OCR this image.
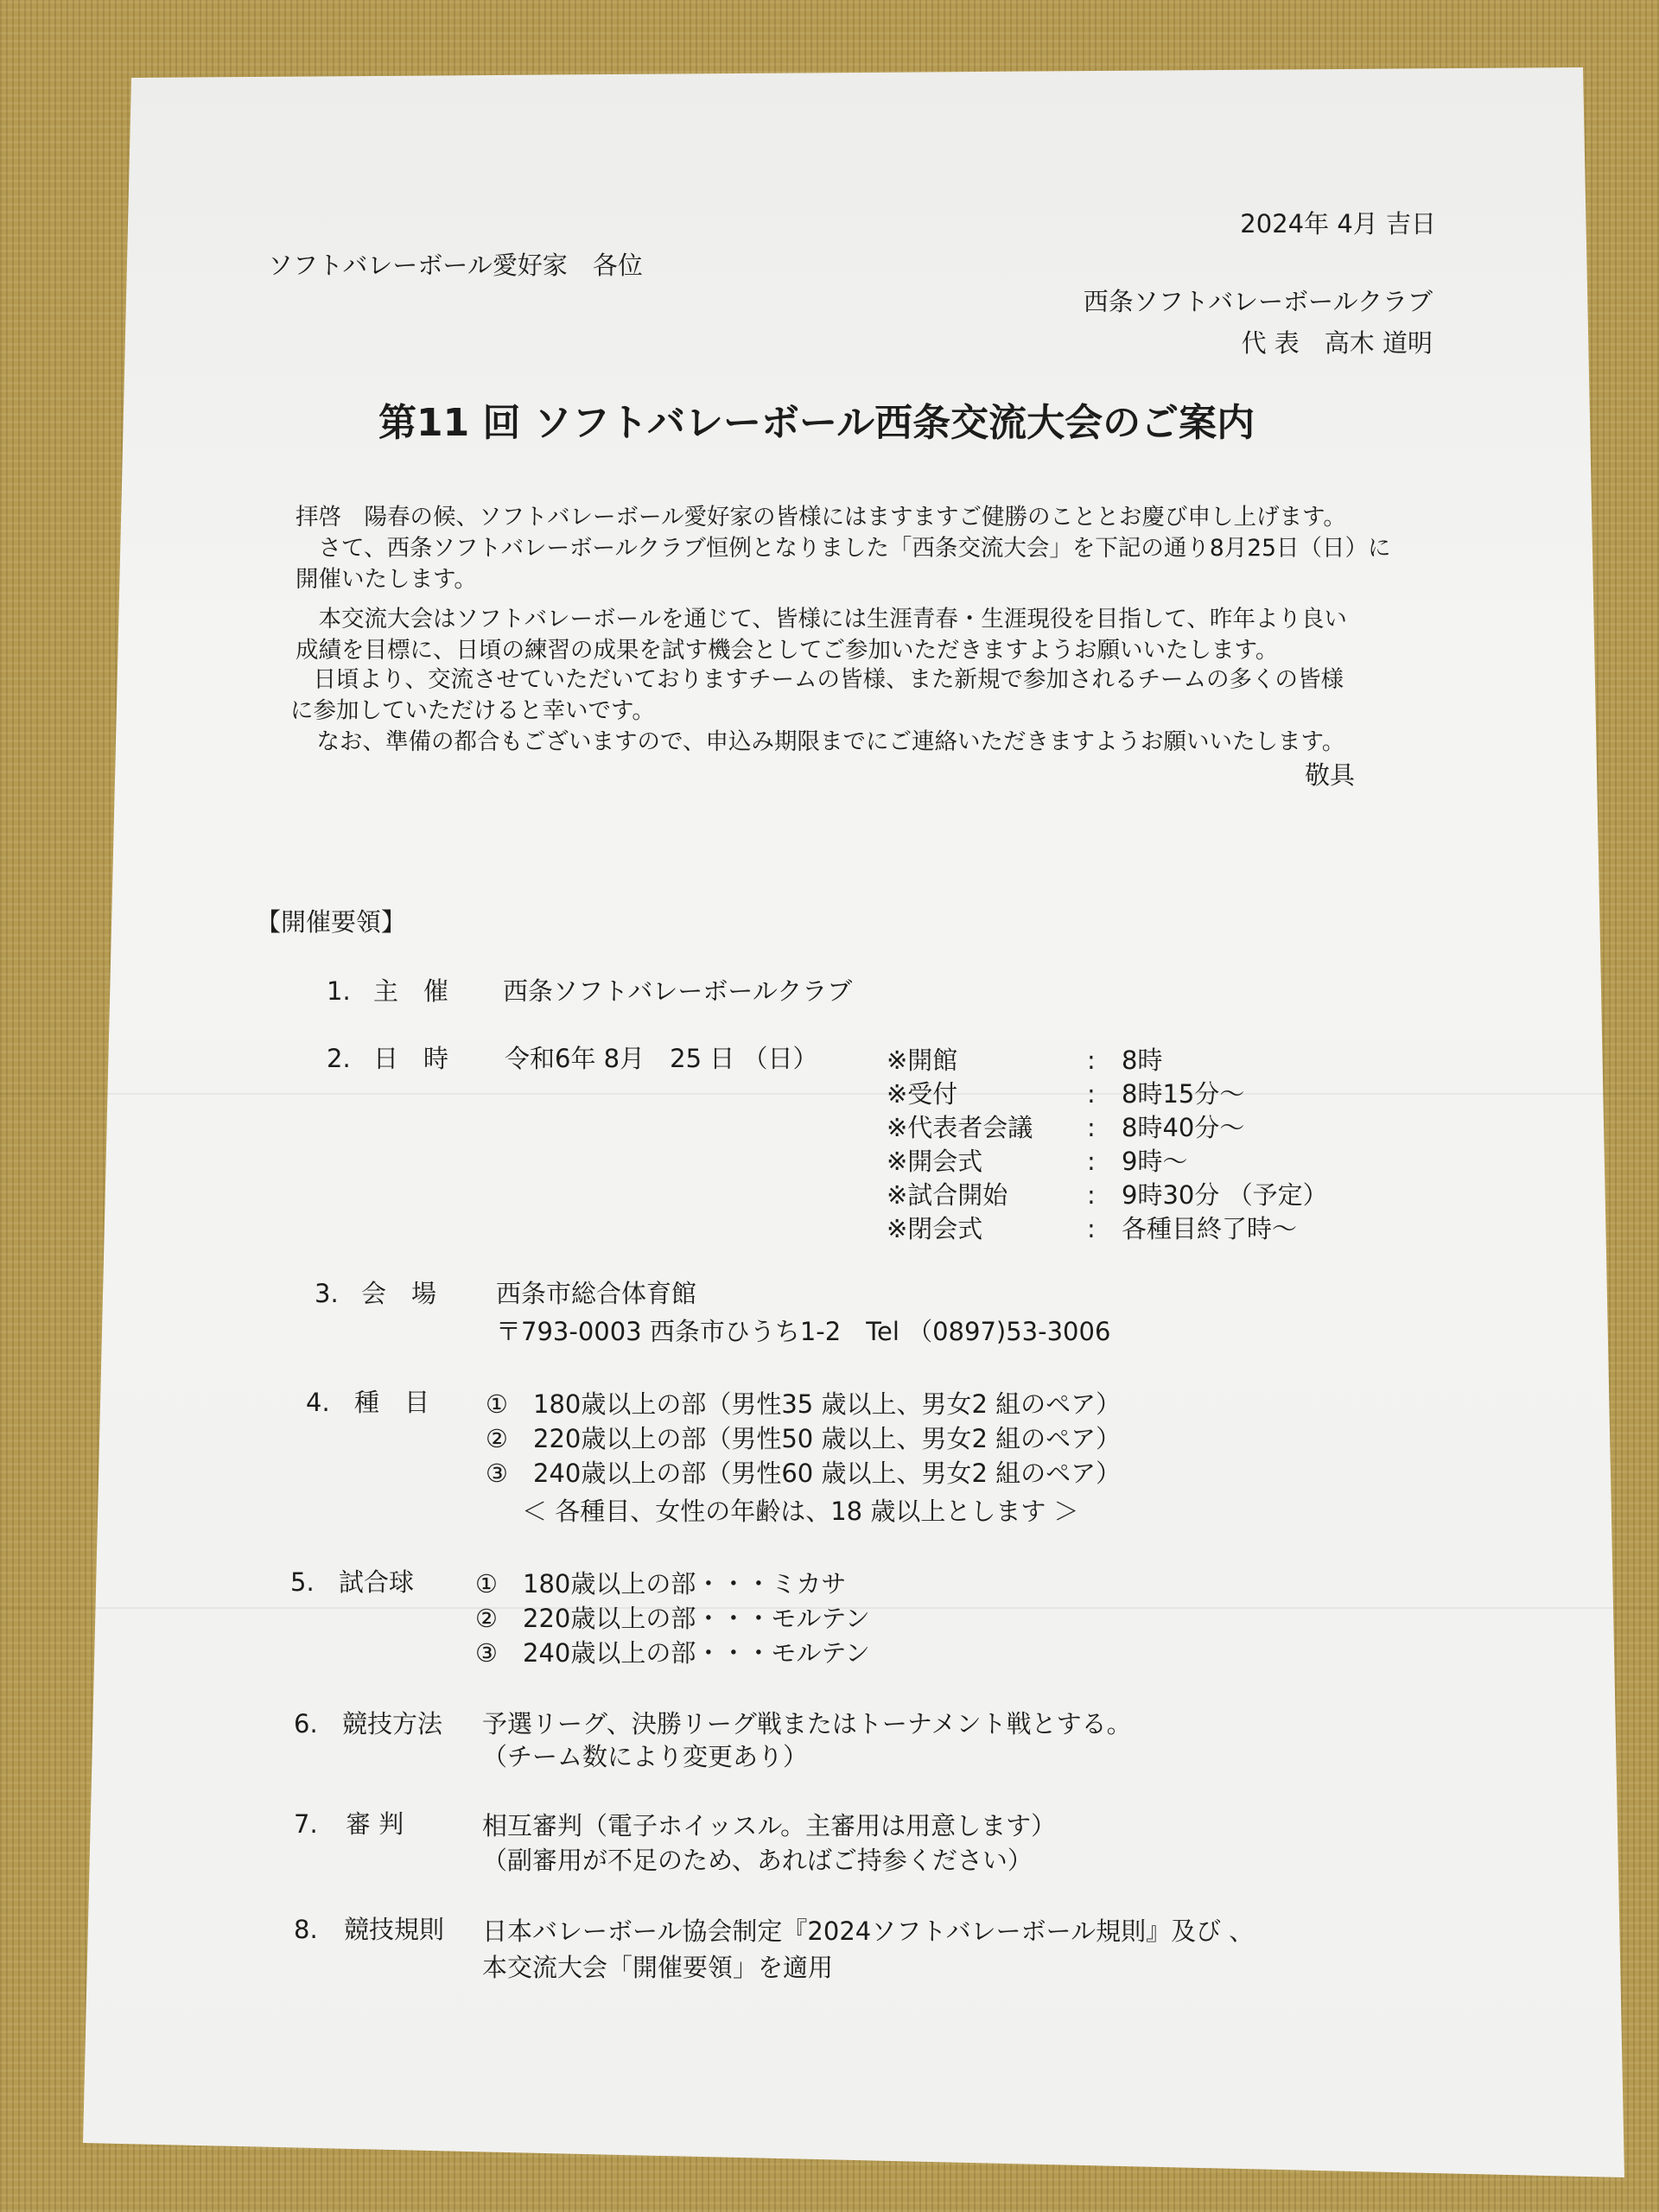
2024年 4月 吉日
ソフトバレーボール愛好家　各位
西条ソフトバレーボールクラブ
代 表　高木 道明
第11 回 ソフトバレーボール西条交流大会のご案内
拝啓　陽春の候、ソフトバレーボール愛好家の皆様にはますますご健勝のこととお慶び申し上げます。
　さて、西条ソフトバレーボールクラブ恒例となりました「西条交流大会」を下記の通り8月25日（日）に
開催いたします。
　本交流大会はソフトバレーボールを通じて、皆様には生涯青春・生涯現役を目指して、昨年より良い
成績を目標に、日頃の練習の成果を試す機会としてご参加いただきますようお願いいたします。
　日頃より、交流させていただいておりますチームの皆様、また新規で参加されるチームの多くの皆様
に参加していただけると幸いです。
　なお、準備の都合もございますので、申込み期限までにご連絡いただきますようお願いいたします。
敬具
【開催要領】
1. 主　催 西条ソフトバレーボールクラブ
2. 日　時 令和6年 8月　25 日 （日）	※開館	: 8時
※受付	: 8時15分～
※代表者会議 : 8時40分～
※開会式	: 9時～
※試合開始	: 9時30分 （予定）
※閉会式	: 各種目終了時～
3. 会　場 西条市総合体育館
〒793-0003 西条市ひうち1-2　Tel （0897)53-3006
4. 種　目 ①　180歳以上の部（男性35 歳以上、男女2 組のペア）
②　220歳以上の部（男性50 歳以上、男女2 組のペア）
③　240歳以上の部（男性60 歳以上、男女2 組のペア）
＜ 各種目、女性の年齢は、18 歳以上とします ＞
5. 試合球 ①　180歳以上の部・・・ミカサ
②　220歳以上の部・・・モルテン
③　240歳以上の部・・・モルテン
6. 競技方法 予選リーグ、決勝リーグ戦またはトーナメント戦とする。
（チーム数により変更あり）
7. 審 判	相互審判（電子ホイッスル。主審用は用意します）
（副審用が不足のため、あればご持参ください）
8. 競技規則 日本バレーボール協会制定『2024ソフトバレーボール規則』及び 、
本交流大会「開催要領」を適用
